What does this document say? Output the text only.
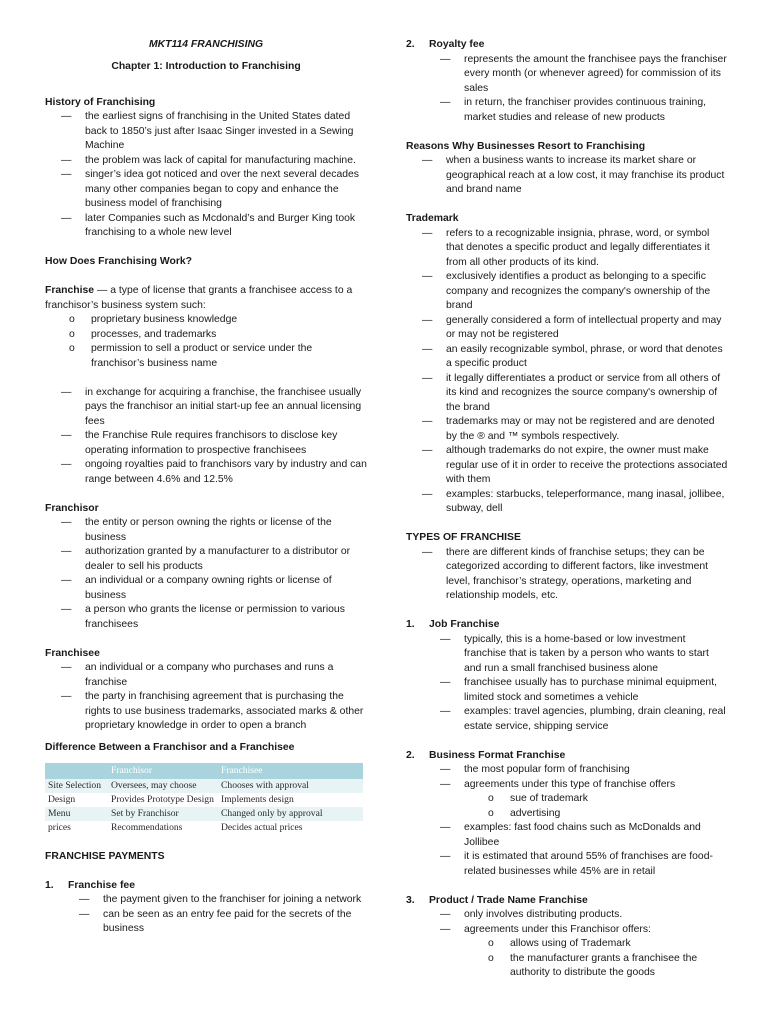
MKT114 FRANCHISING

Chapter 1: Introduction to Franchising

History of Franchising

— the earliest signs of franchising in the United States dated back to 1850’s just after Isaac Singer invested in a Sewing Machine

— the problem was lack of capital for manufacturing machine.

— singer’s idea got noticed and over the next several decades many other companies began to copy and enhance the business model of franchising

— later Companies such as Mcdonald’s and Burger King took franchising to a whole new level

How Does Franchising Work?

Franchise — a type of license that grants a franchisee access to a franchisor’s business system such:

o proprietary business knowledge

o processes, and trademarks

o permission to sell a product or service under the franchisor’s business name

— in exchange for acquiring a franchise, the franchisee usually pays the franchisor an initial start-up fee an annual licensing fees

— the Franchise Rule requires franchisors to disclose key operating information to prospective franchisees

— ongoing royalties paid to franchisors vary by industry and can range between 4.6% and 12.5%

Franchisor

— the entity or person owning the rights or license of the business

— authorization granted by a manufacturer to a distributor or dealer to sell his products

— an individual or a company owning rights or license of business

— a person who grants the license or permission to various franchisees

Franchisee

— an individual or a company who purchases and runs a franchise

— the party in franchising agreement that is purchasing the rights to use business trademarks, associated marks & other proprietary knowledge in order to open a branch

Difference Between a Franchisor and a Franchisee

	Franchisor	Franchisee
Site Selection	Oversees, may choose	Chooses with approval
Design	Provides Prototype Design	Implements design
Menu	Set by Franchisor	Changed only by approval
prices	Recommendations	Decides actual prices

FRANCHISE PAYMENTS

1. Franchise fee

— the payment given to the franchiser for joining a network

— can be seen as an entry fee paid for the secrets of the business

2. Royalty fee

— represents the amount the franchisee pays the franchiser every month (or whenever agreed) for commission of its sales

— in return, the franchiser provides continuous training, market studies and release of new products

Reasons Why Businesses Resort to Franchising

— when a business wants to increase its market share or geographical reach at a low cost, it may franchise its product and brand name

Trademark

— refers to a recognizable insignia, phrase, word, or symbol that denotes a specific product and legally differentiates it from all other products of its kind.

— exclusively identifies a product as belonging to a specific company and recognizes the company's ownership of the brand

— generally considered a form of intellectual property and may or may not be registered

— an easily recognizable symbol, phrase, or word that denotes a specific product

— it legally differentiates a product or service from all others of its kind and recognizes the source company's ownership of the brand

— trademarks may or may not be registered and are denoted by the ® and ™ symbols respectively.

— although trademarks do not expire, the owner must make regular use of it in order to receive the protections associated with them

— examples: starbucks, teleperformance, mang inasal, jollibee, subway, dell

TYPES OF FRANCHISE

— there are different kinds of franchise setups; they can be categorized according to different factors, like investment level, franchisor’s strategy, operations, marketing and relationship models, etc.

1. Job Franchise

— typically, this is a home-based or low investment franchise that is taken by a person who wants to start and run a small franchised business alone

— franchisee usually has to purchase minimal equipment, limited stock and sometimes a vehicle

— examples: travel agencies, plumbing, drain cleaning, real estate service, shipping service

2. Business Format Franchise

— the most popular form of franchising

— agreements under this type of franchise offers

o sue of trademark

o advertising

— examples: fast food chains such as McDonalds and Jollibee

— it is estimated that around 55% of franchises are food-related businesses while 45% are in retail

3. Product / Trade Name Franchise

— only involves distributing products.

— agreements under this Franchisor offers:

o allows using of Trademark

o the manufacturer grants a franchisee the authority to distribute the goods
